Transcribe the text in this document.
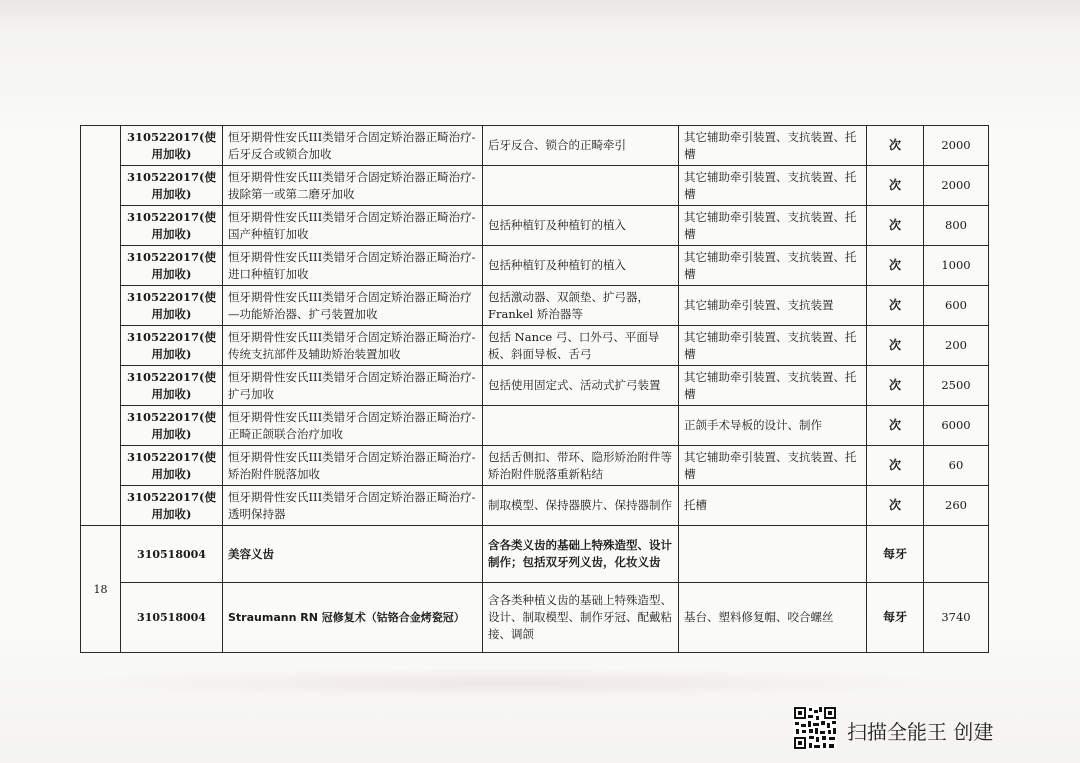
	310522017(使用加收)	恒牙期骨性安氏III类错牙合固定矫治器正畸治疗-后牙反合或锁合加收	后牙反合、锁合的正畸牵引	其它辅助牵引装置、支抗装置、托槽	次	2000
	310522017(使用加收)	恒牙期骨性安氏III类错牙合固定矫治器正畸治疗-拔除第一或第二磨牙加收		其它辅助牵引装置、支抗装置、托槽	次	2000
	310522017(使用加收)	恒牙期骨性安氏III类错牙合固定矫治器正畸治疗-国产种植钉加收	包括种植钉及种植钉的植入	其它辅助牵引装置、支抗装置、托槽	次	800
	310522017(使用加收)	恒牙期骨性安氏III类错牙合固定矫治器正畸治疗- 进口种植钉加收	包括种植钉及种植钉的植入	其它辅助牵引装置、支抗装置、托槽	次	1000
	310522017(使用加收)	恒牙期骨性安氏III类错牙合固定矫治器正畸治疗—功能矫治器、扩弓装置加收	包括激动器、双颌垫、扩弓器，Frankel 矫治器等	其它辅助牵引装置、支抗装置	次	600
	310522017(使用加收)	恒牙期骨性安氏III类错牙合固定矫治器正畸治疗-传统支抗部件及辅助矫治装置加收	包括 Nance 弓、口外弓、平面导板、斜面导板、舌弓	其它辅助牵引装置、支抗装置、托槽	次	200
	310522017(使用加收)	恒牙期骨性安氏III类错牙合固定矫治器正畸治疗-扩弓加收	包括使用固定式、活动式扩弓装置	其它辅助牵引装置、支抗装置、托槽	次	2500
	310522017(使用加收)	恒牙期骨性安氏III类错牙合固定矫治器正畸治疗-正畸正颌联合治疗加收		正颌手术导板的设计、制作	次	6000
	310522017(使用加收)	恒牙期骨性安氏III类错牙合固定矫治器正畸治疗-矫治附件脱落加收	包括舌侧扣、带环、隐形矫治附件等矫治附件脱落重新粘结	其它辅助牵引装置、支抗装置、托槽	次	60
	310522017(使用加收)	恒牙期骨性安氏III类错牙合固定矫治器正畸治疗-透明保持器	制取模型、保持器膜片、保持器制作	托槽	次	260
18	310518004	美容义齿	含各类义齿的基础上特殊造型、设计制作；包括双牙列义齿，化妆义齿		每牙	
	310518004	Straumann RN 冠修复术（钴铬合金烤瓷冠）	含各类种植义齿的基础上特殊造型、设计、制取模型、制作牙冠、配戴粘接、调颌	基台、塑料修复帽、咬合螺丝	每牙	3740
扫描全能王 创建
